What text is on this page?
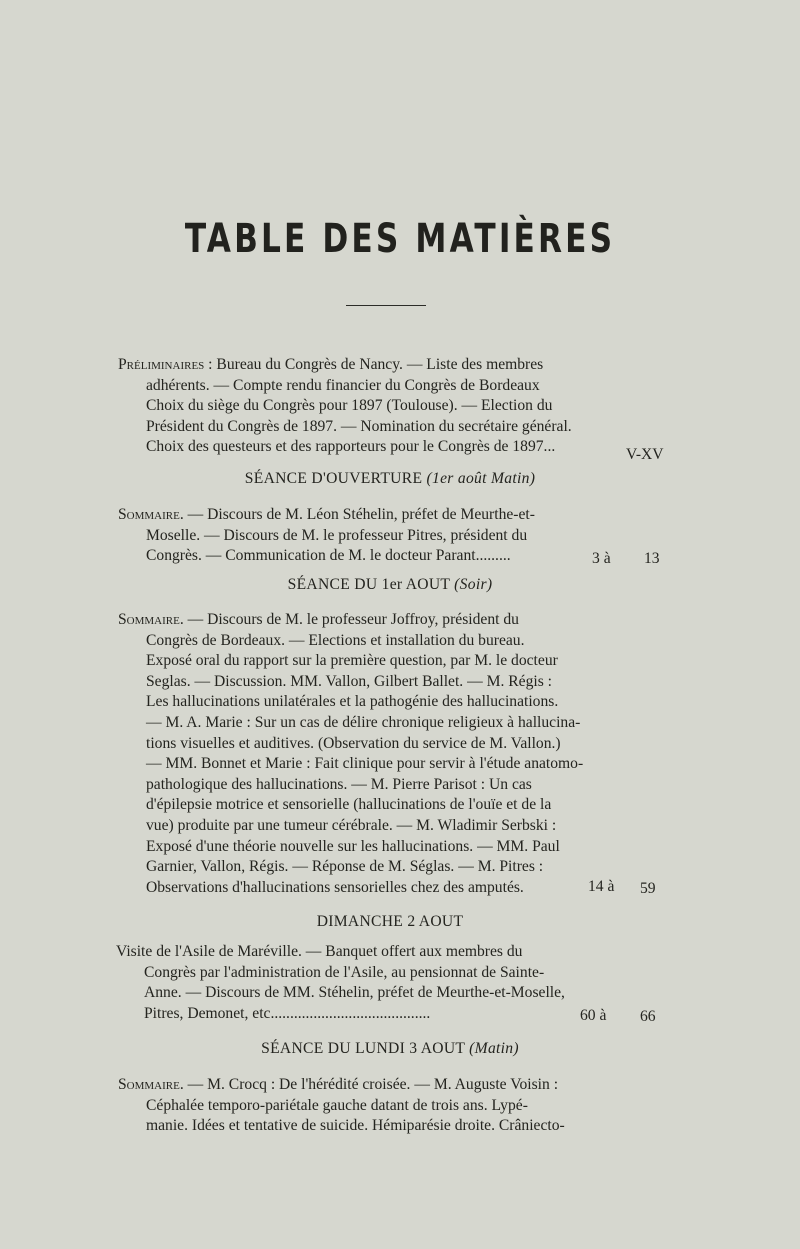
TABLE DES MATIÈRES
Préliminaires : Bureau du Congrès de Nancy. — Liste des membres
adhérents. — Compte rendu financier du Congrès de Bordeaux
Choix du siège du Congrès pour 1897 (Toulouse). — Election du
Président du Congrès de 1897. — Nomination du secrétaire général.
Choix des questeurs et des rapporteurs pour le Congrès de 1897...	V-XV
SÉANCE D'OUVERTURE (1er août Matin)
Sommaire. — Discours de M. Léon Stéhelin, préfet de Meurthe-et-
Moselle. — Discours de M. le professeur Pitres, président du
Congrès. — Communication de M. le docteur Parant.........	3 à 13
SÉANCE DU 1er AOUT (Soir)
Sommaire. — Discours de M. le professeur Joffroy, président du
Congrès de Bordeaux. — Elections et installation du bureau.
Exposé oral du rapport sur la première question, par M. le docteur
Seglas. — Discussion. MM. Vallon, Gilbert Ballet. — M. Régis :
Les hallucinations unilatérales et la pathogénie des hallucinations.
— M. A. Marie : Sur un cas de délire chronique religieux à hallucina-
tions visuelles et auditives. (Observation du service de M. Vallon.)
— MM. Bonnet et Marie : Fait clinique pour servir à l'étude anatomo-
pathologique des hallucinations. — M. Pierre Parisot : Un cas
d'épilepsie motrice et sensorielle (hallucinations de l'ouïe et de la
vue) produite par une tumeur cérébrale. — M. Wladimir Serbski :
Exposé d'une théorie nouvelle sur les hallucinations. — MM. Paul
Garnier, Vallon, Régis. — Réponse de M. Séglas. — M. Pitres :
Observations d'hallucinations sensorielles chez des amputés.	14 à 59
DIMANCHE 2 AOUT
Visite de l'Asile de Maréville. — Banquet offert aux membres du
Congrès par l'administration de l'Asile, au pensionnat de Sainte-
Anne. — Discours de MM. Stéhelin, préfet de Meurthe-et-Moselle,
Pitres, Demonet, etc.........................................	60 à 66
SÉANCE DU LUNDI 3 AOUT (Matin)
Sommaire. — M. Crocq : De l'hérédité croisée. — M. Auguste Voisin :
Céphalée temporo-pariétale gauche datant de trois ans. Lypé-
manie. Idées et tentative de suicide. Hémiparésie droite. Crâniecto-
